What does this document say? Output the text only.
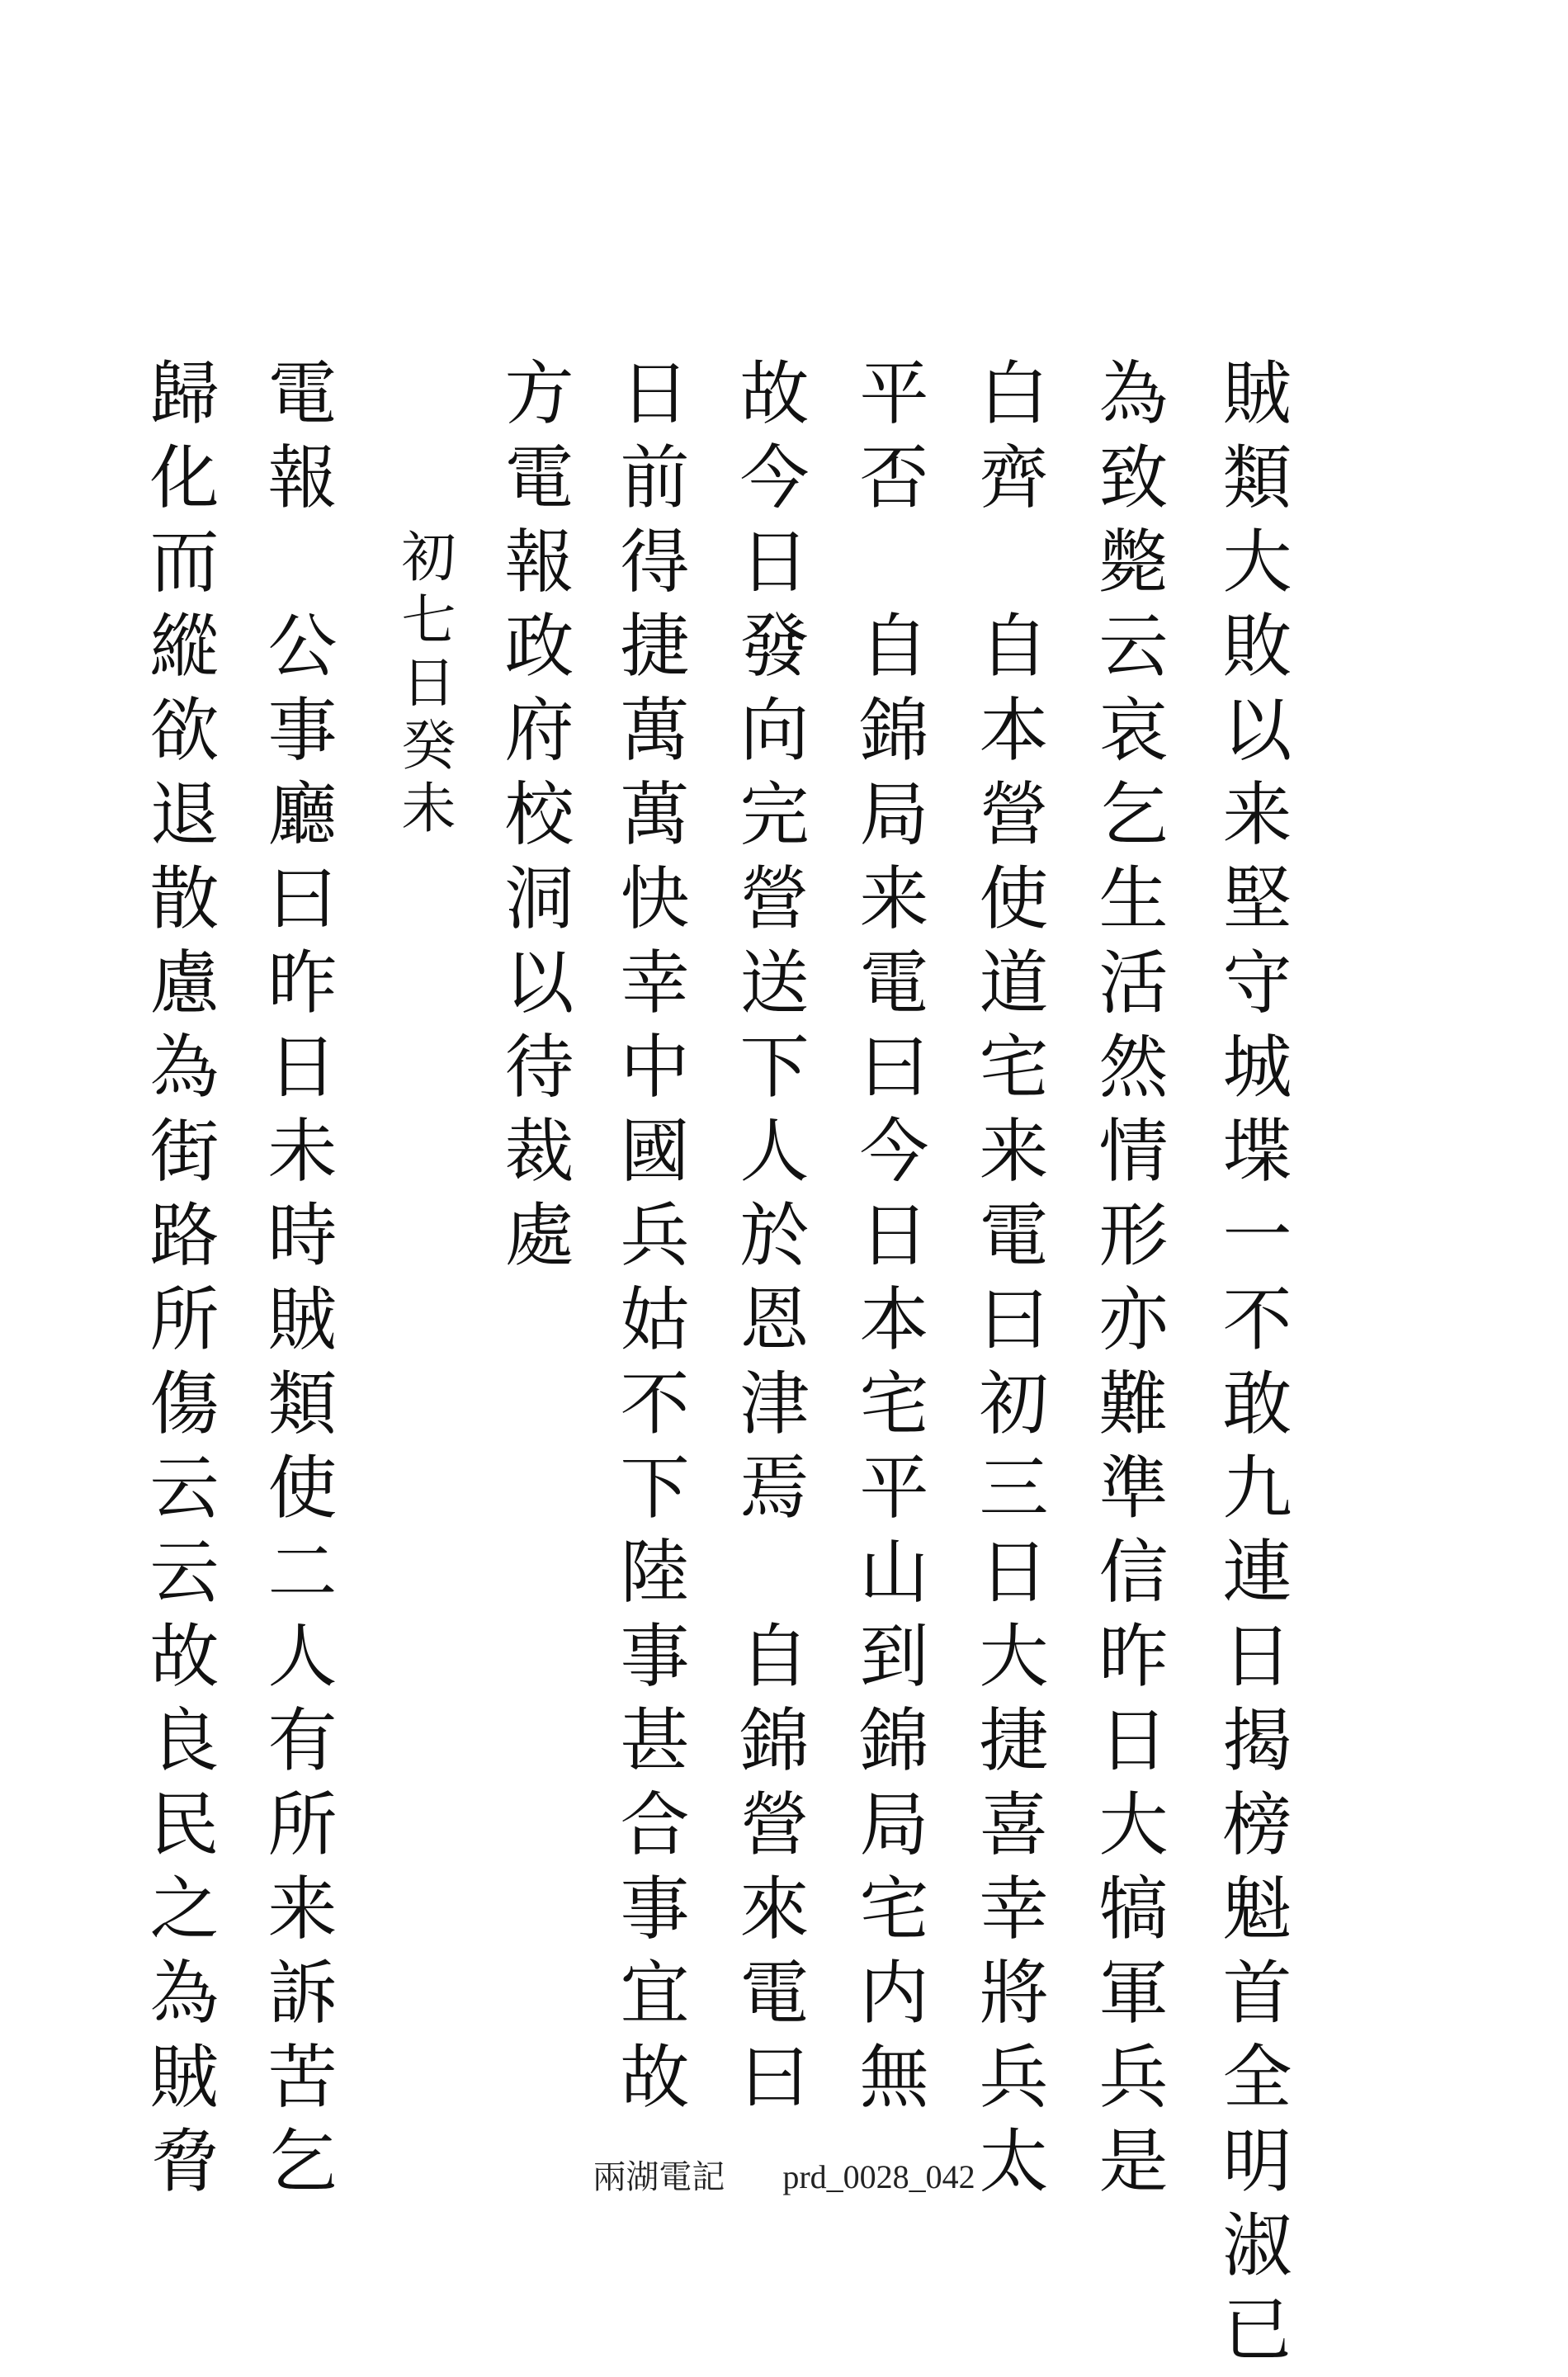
賊類大敗以来堅守城堞一不敢九連日揭榜魁首全明淑已
為致斃云哀乞生活然情形亦難準信昨日大犒軍兵是
白齊　自本營使道宅来電曰初三日大捷喜幸將兵太
平否　自錦局来電曰今日本宅平山到錦局宅内無
故今日發向完營送下人於恩津焉　自錦營來電曰
日前得捷萬萬快幸中國兵姑不下陸事甚合事宜故
方電報政府校洞以待裁處
初七日癸未
電報　公事廳曰昨日未時賊類使二人有所来訴苦乞
歸化而縱欲退散慮為街路所傷云云故良民之為賊脅	兩湖電記 prd_0028_042
